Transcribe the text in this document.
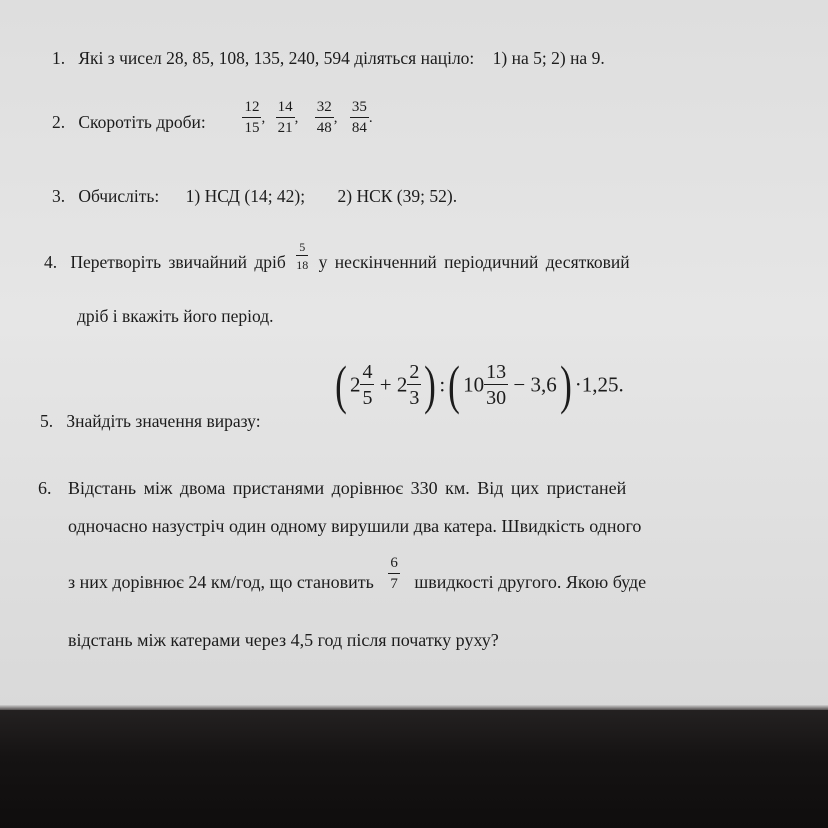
1. Які з чисел 28, 85, 108, 135, 240, 594 діляться націло: 1) на 5; 2) на 9.
2. Скоротіть дроби: $\frac{12}{15}$ , $\frac{14}{21}$ , $\frac{32}{48}$ , $\frac{35}{84}$ .
3. Обчисліть: 1) НСД (14; 42); 2) НСК (39; 52).
4. Перетворіть звичайний дріб $\frac{5}{18}$ у нескінченний періодичний десятковий
дріб і вкажіть його період.
5. Знайдіть значення виразу:
( $2 \frac{4}{5} + 2 \frac{2}{3}$ ) :( $10 \frac{13}{30} - 3,6) \cdot 1,25$.
6. Відстань між двома пристанями дорівнює 330 км. Від цих пристаней
одночасно назустріч один одному вирушили два катера. Швидкість одного
з них дорівнює 24 км/год, що становить $\frac{6}{7}$ швидкості другого. Якою буде
відстань між катерами через 4,5 год після початку руху?
